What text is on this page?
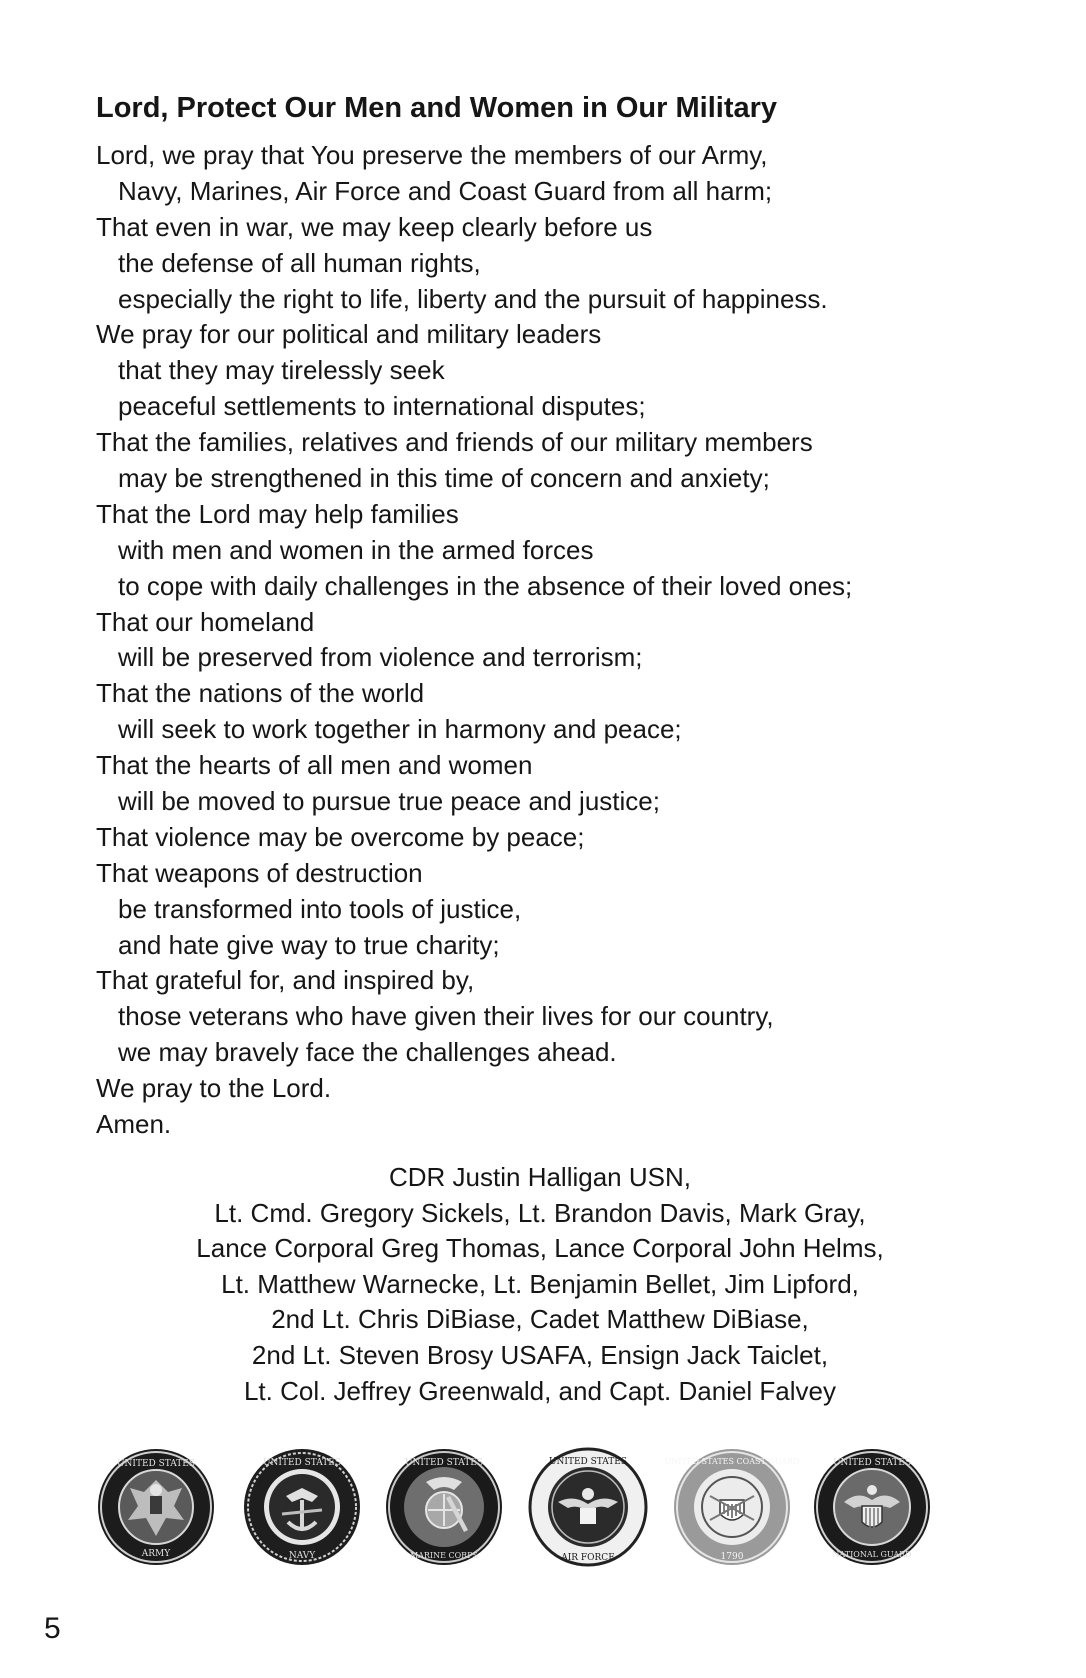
Lord, Protect Our Men and Women in Our Military
Lord, we pray that You preserve the members of our Army,
Navy, Marines, Air Force and Coast Guard from all harm;
That even in war, we may keep clearly before us
the defense of all human rights,
especially the right to life, liberty and the pursuit of happiness.
We pray for our political and military leaders
that they may tirelessly seek
peaceful settlements to international disputes;
That the families, relatives and friends of our military members
may be strengthened in this time of concern and anxiety;
That the Lord may help families
with men and women in the armed forces
to cope with daily challenges in the absence of their loved ones;
That our homeland
will be preserved from violence and terrorism;
That the nations of the world
will seek to work together in harmony and peace;
That the hearts of all men and women
will be moved to pursue true peace and justice;
That violence may be overcome by peace;
That weapons of destruction
be transformed into tools of justice,
and hate give way to true charity;
That grateful for, and inspired by,
those veterans who have given their lives for our country,
we may bravely face the challenges ahead.
We pray to the Lord.
Amen.
CDR Justin Halligan USN,
Lt. Cmd. Gregory Sickels, Lt. Brandon Davis, Mark Gray,
Lance Corporal Greg Thomas, Lance Corporal John Helms,
Lt. Matthew Warnecke, Lt. Benjamin Bellet, Jim Lipford,
2nd Lt. Chris DiBiase, Cadet Matthew DiBiase,
2nd Lt. Steven Brosy USAFA, Ensign Jack Taiclet,
Lt. Col. Jeffrey Greenwald, and Capt. Daniel Falvey
UNITED STATES
ARMY
UNITED STATES
NAVY
UNITED STATES
MARINE CORPS
UNITED STATES
AIR FORCE
UNITED STATES COAST GUARD
1790
UNITED STATES
NATIONAL GUARD
5
